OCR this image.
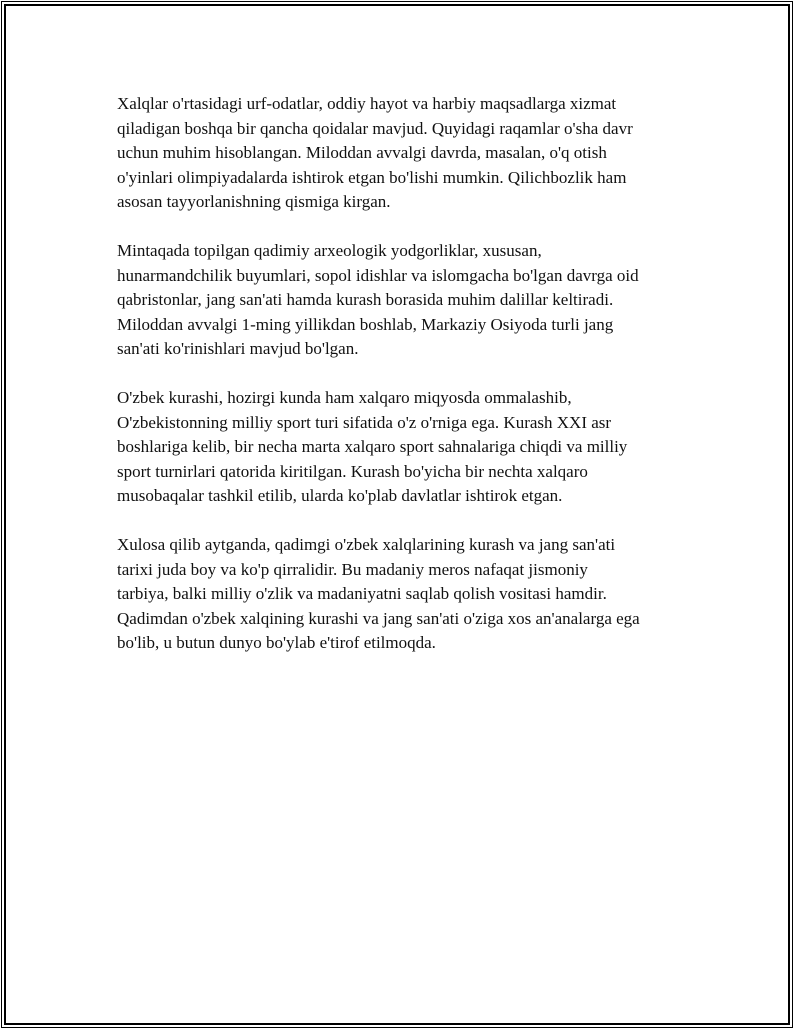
Xalqlar o'rtasidagi urf-odatlar, oddiy hayot va harbiy maqsadlarga xizmat
qiladigan boshqa bir qancha qoidalar mavjud. Quyidagi raqamlar o'sha davr
uchun muhim hisoblangan. Miloddan avvalgi davrda, masalan, o'q otish
o'yinlari olimpiyadalarda ishtirok etgan bo'lishi mumkin. Qilichbozlik ham
asosan tayyorlanishning qismiga kirgan.

Mintaqada topilgan qadimiy arxeologik yodgorliklar, xususan,
hunarmandchilik buyumlari, sopol idishlar va islomgacha bo'lgan davrga oid
qabristonlar, jang san'ati hamda kurash borasida muhim dalillar keltiradi.
Miloddan avvalgi 1-ming yillikdan boshlab, Markaziy Osiyoda turli jang
san'ati ko'rinishlari mavjud bo'lgan.

O'zbek kurashi, hozirgi kunda ham xalqaro miqyosda ommalashib,
O'zbekistonning milliy sport turi sifatida o'z o'rniga ega. Kurash XXI asr
boshlariga kelib, bir necha marta xalqaro sport sahnalariga chiqdi va milliy
sport turnirlari qatorida kiritilgan. Kurash bo'yicha bir nechta xalqaro
musobaqalar tashkil etilib, ularda ko'plab davlatlar ishtirok etgan.

Xulosa qilib aytganda, qadimgi o'zbek xalqlarining kurash va jang san'ati
tarixi juda boy va ko'p qirralidir. Bu madaniy meros nafaqat jismoniy
tarbiya, balki milliy o'zlik va madaniyatni saqlab qolish vositasi hamdir.
Qadimdan o'zbek xalqining kurashi va jang san'ati o'ziga xos an'analarga ega
bo'lib, u butun dunyo bo'ylab e'tirof etilmoqda.
